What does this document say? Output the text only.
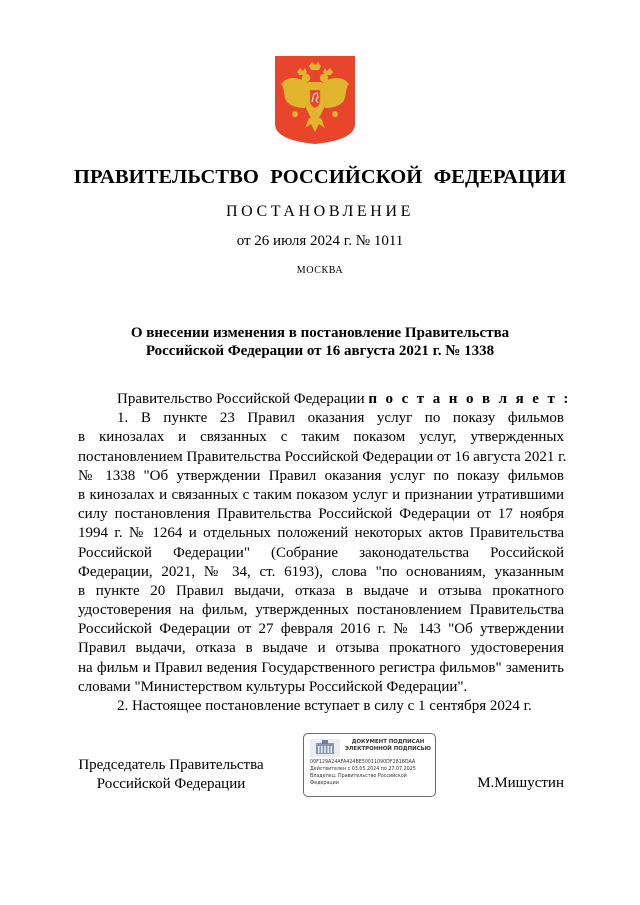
ПРАВИТЕЛЬСТВО РОССИЙСКОЙ ФЕДЕРАЦИИ
ПОСТАНОВЛЕНИЕ
от 26 июля 2024 г. № 1011
МОСКВА
О внесении изменения в постановление Правительства
Российской Федерации от 16 августа 2021 г. № 1338
Правительство Российской Федерации п о с т а н о в л я е т :
1. В пункте 23 Правил оказания услуг по показу фильмов
в кинозалах и связанных с таким показом услуг, утвержденных
постановлением Правительства Российской Федерации от 16 августа 2021 г.
№ 1338 "Об утверждении Правил оказания услуг по показу фильмов
в кинозалах и связанных с таким показом услуг и признании утратившими
силу постановления Правительства Российской Федерации от 17 ноября
1994 г. № 1264 и отдельных положений некоторых актов Правительства
Российской Федерации" (Собрание законодательства Российской
Федерации, 2021, № 34, ст. 6193), слова "по основаниям, указанным
в пункте 20 Правил выдачи, отказа в выдаче и отзыва прокатного
удостоверения на фильм, утвержденных постановлением Правительства
Российской Федерации от 27 февраля 2016 г. № 143 "Об утверждении
Правил выдачи, отказа в выдаче и отзыва прокатного удостоверения
на фильм и Правил ведения Государственного регистра фильмов" заменить
словами "Министерством культуры Российской Федерации".
2. Настоящее постановление вступает в силу с 1 сентября 2024 г.
Председатель Правительства
Российской Федерации
ДОКУМЕНТ ПОДПИСАН
ЭЛЕКТРОННОЙ ПОДПИСЬЮ
00F129A24AFA424BE50011090DF2816DAA
Действителен с 03.05.2024 по 27.07.2025
Владелец: Правительство Российской
Федерации	М.Мишустин
